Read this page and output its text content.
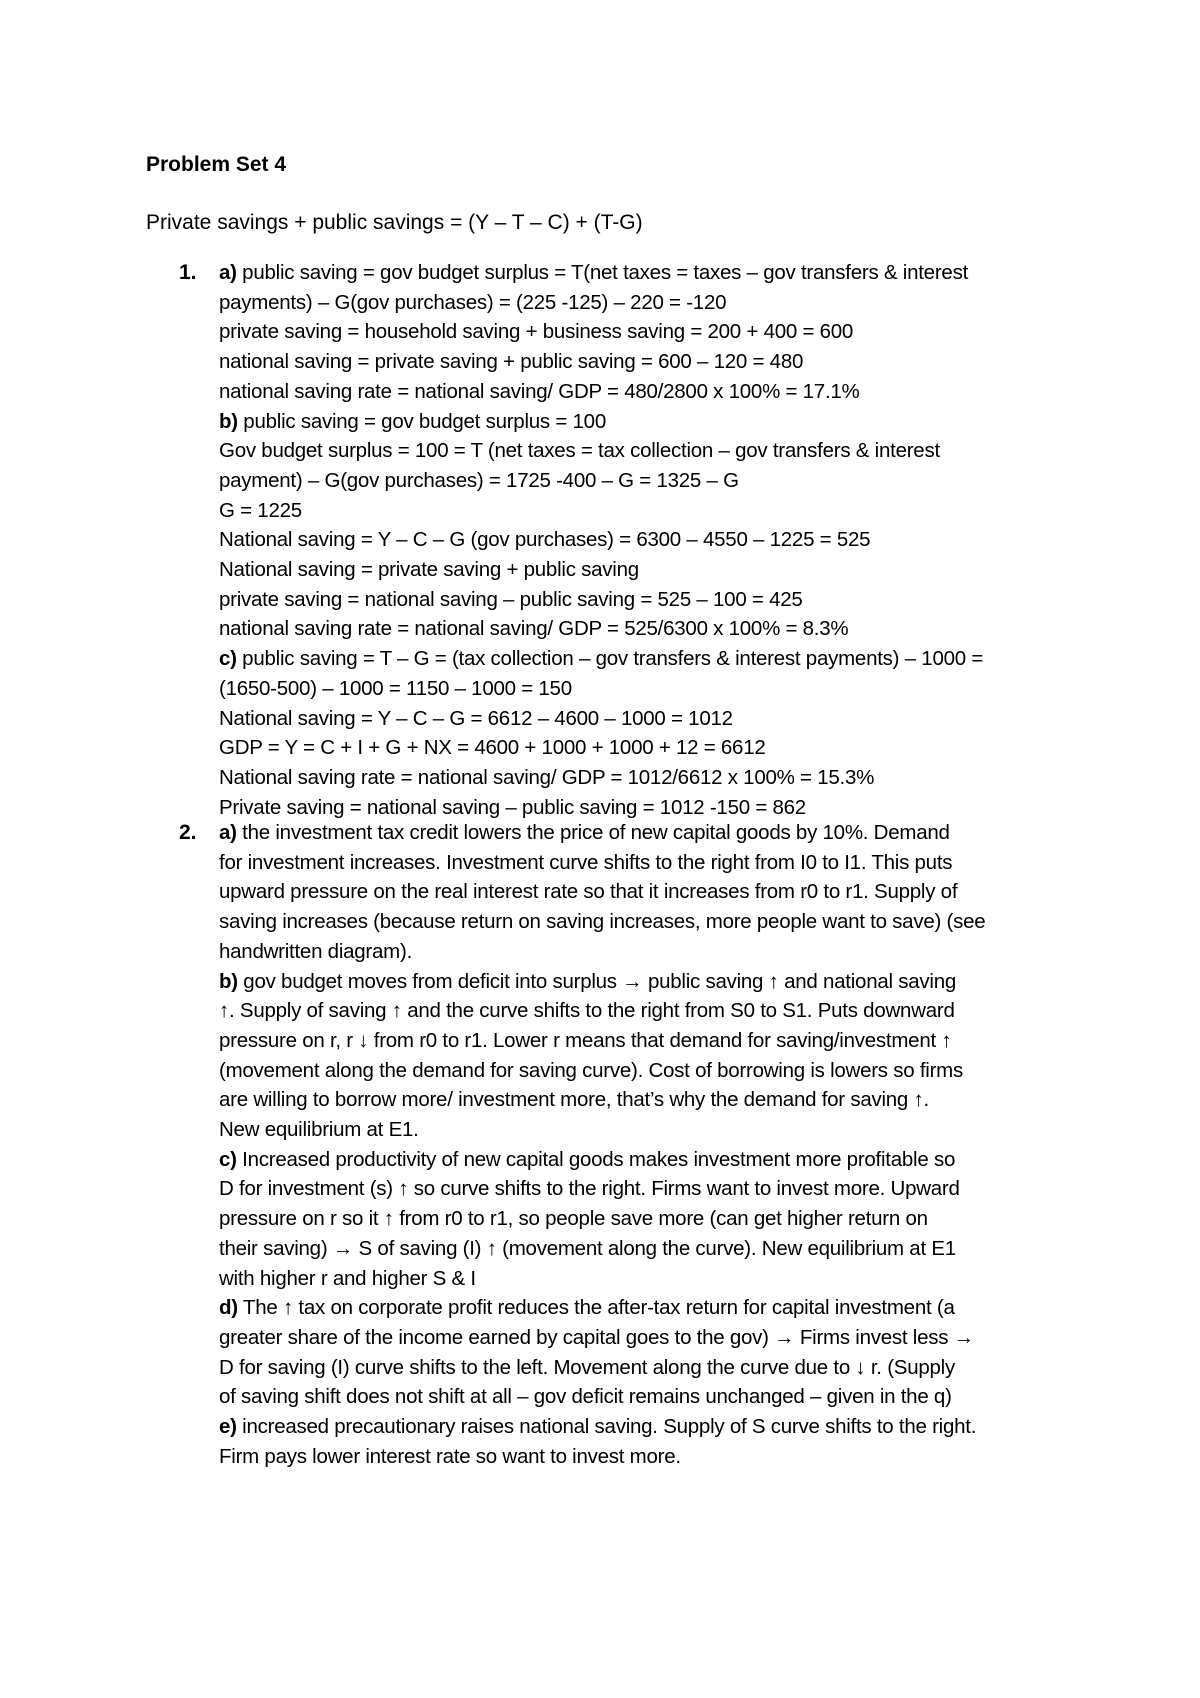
Problem Set 4
Private savings + public savings = (Y – T – C) + (T-G)
1. a) public saving = gov budget surplus = T(net taxes = taxes – gov transfers & interest
payments) – G(gov purchases) = (225 -125) – 220 = -120
private saving = household saving + business saving = 200 + 400 = 600
national saving = private saving + public saving = 600 – 120 = 480
national saving rate = national saving/ GDP = 480/2800 x 100% = 17.1%
b) public saving = gov budget surplus = 100
Gov budget surplus = 100 = T (net taxes = tax collection – gov transfers & interest
payment) – G(gov purchases) = 1725 -400 – G = 1325 – G
G = 1225
National saving = Y – C – G (gov purchases) = 6300 – 4550 – 1225 = 525
National saving = private saving + public saving
private saving = national saving – public saving = 525 – 100 = 425
national saving rate = national saving/ GDP = 525/6300 x 100% = 8.3%
c) public saving = T – G = (tax collection – gov transfers & interest payments) – 1000 =
(1650-500) – 1000 = 1150 – 1000 = 150
National saving = Y – C – G = 6612 – 4600 – 1000 = 1012
GDP = Y = C + I + G + NX = 4600 + 1000 + 1000 + 12 = 6612
National saving rate = national saving/ GDP = 1012/6612 x 100% = 15.3%
Private saving = national saving – public saving = 1012 -150 = 862
2. a) the investment tax credit lowers the price of new capital goods by 10%. Demand
for investment increases. Investment curve shifts to the right from I0 to I1. This puts
upward pressure on the real interest rate so that it increases from r0 to r1. Supply of
saving increases (because return on saving increases, more people want to save) (see
handwritten diagram).
b) gov budget moves from deficit into surplus → public saving ↑ and national saving
↑. Supply of saving ↑ and the curve shifts to the right from S0 to S1. Puts downward
pressure on r, r ↓ from r0 to r1. Lower r means that demand for saving/investment ↑
(movement along the demand for saving curve). Cost of borrowing is lowers so firms
are willing to borrow more/ investment more, that’s why the demand for saving ↑.
New equilibrium at E1.
c) Increased productivity of new capital goods makes investment more profitable so
D for investment (s) ↑ so curve shifts to the right. Firms want to invest more. Upward
pressure on r so it ↑ from r0 to r1, so people save more (can get higher return on
their saving) → S of saving (I) ↑ (movement along the curve). New equilibrium at E1
with higher r and higher S & I
d) The ↑ tax on corporate profit reduces the after-tax return for capital investment (a
greater share of the income earned by capital goes to the gov) → Firms invest less →
D for saving (I) curve shifts to the left. Movement along the curve due to ↓ r. (Supply
of saving shift does not shift at all – gov deficit remains unchanged – given in the q)
e) increased precautionary raises national saving. Supply of S curve shifts to the right.
Firm pays lower interest rate so want to invest more.
